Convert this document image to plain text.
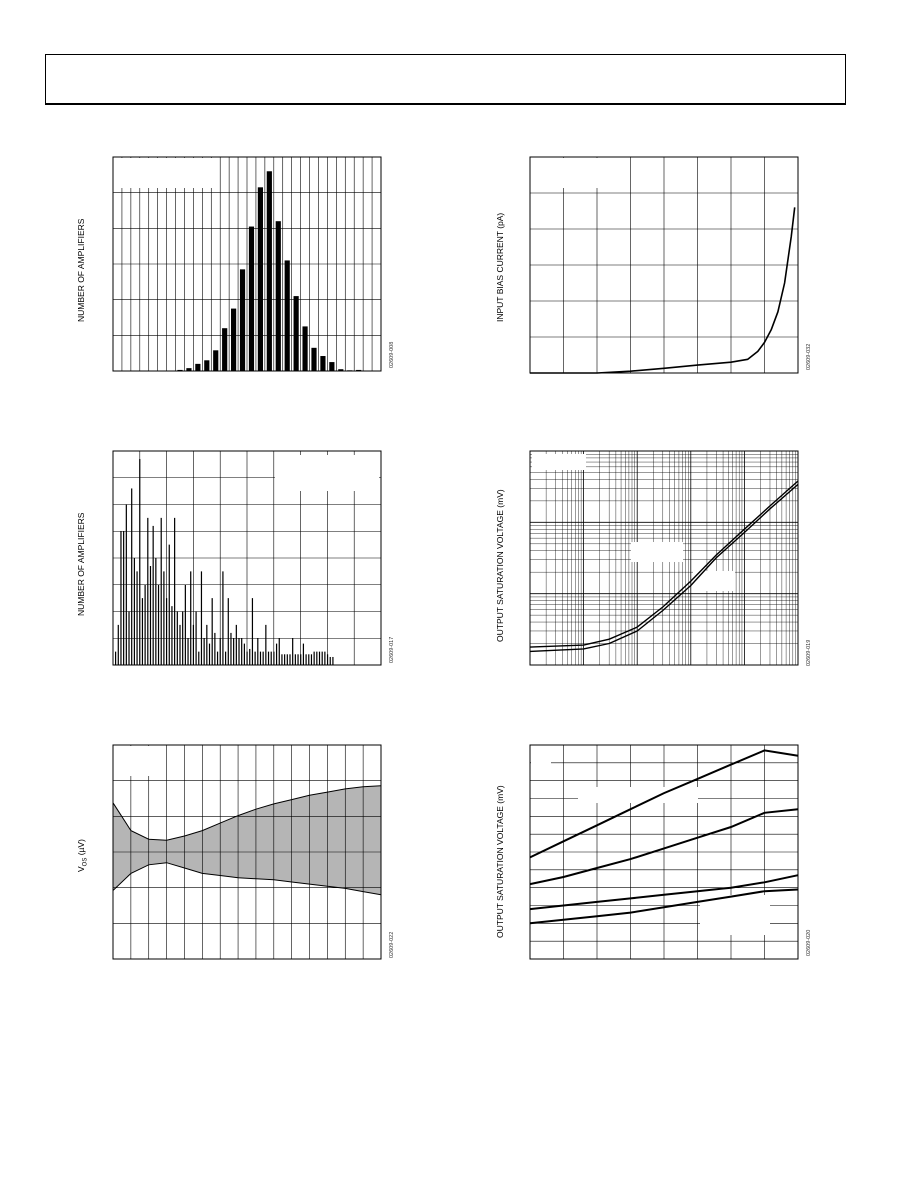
NUMBER OF AMPLIFIERS	INPUT BIAS CURRENT (pA)
NUMBER OF AMPLIFIERS	OUTPUT SATURATION VOLTAGE (mV)
$V_{OS}$ (µV)	OUTPUT SATURATION VOLTAGE (mV)
02609-008	02609-032
02609-017	02609-019
02609-022	02609-020
